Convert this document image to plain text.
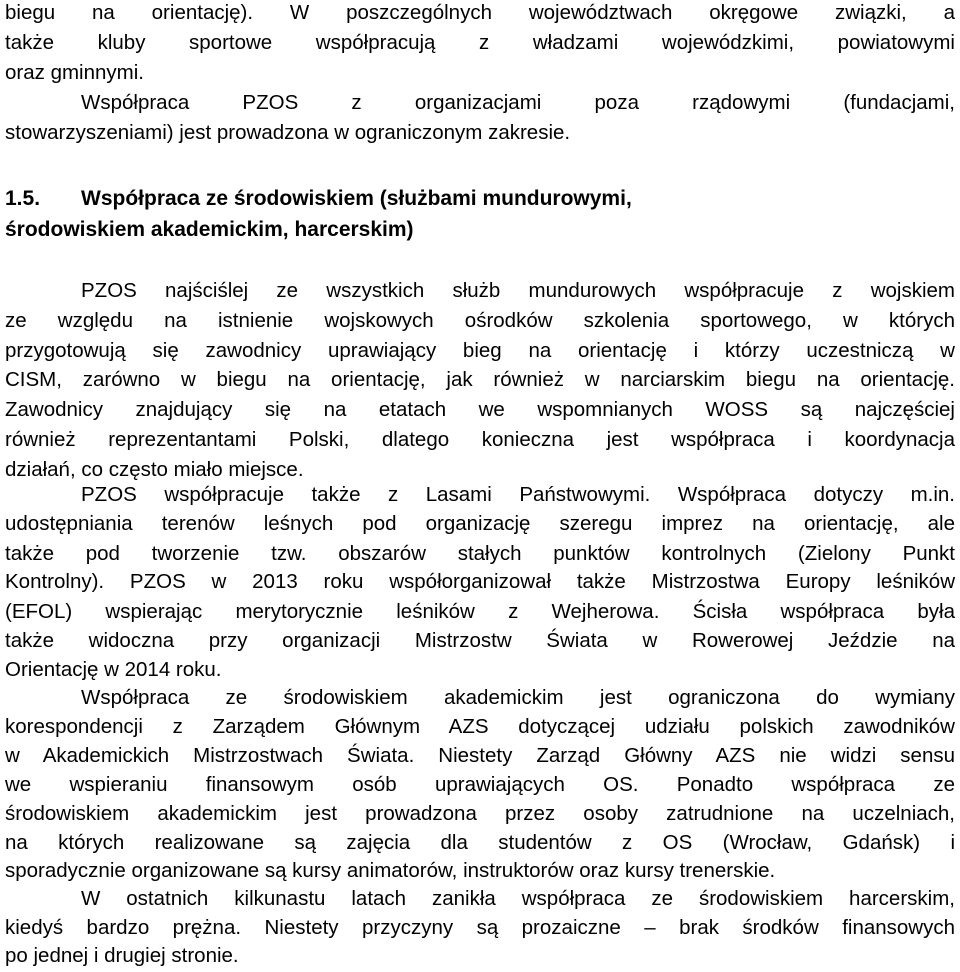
biegu na orientację). W poszczególnych województwach okręgowe związki, a
także kluby sportowe współpracują z władzami wojewódzkimi, powiatowymi
oraz gminnymi.
Współpraca PZOS z organizacjami poza rządowymi (fundacjami,
stowarzyszeniami) jest prowadzona w ograniczonym zakresie.
1.5. Współpraca ze środowiskiem (służbami mundurowymi,
środowiskiem akademickim, harcerskim)
PZOS najściślej ze wszystkich służb mundurowych współpracuje z wojskiem
ze względu na istnienie wojskowych ośrodków szkolenia sportowego, w których
przygotowują się zawodnicy uprawiający bieg na orientację i którzy uczestniczą w
CISM, zarówno w biegu na orientację, jak również w narciarskim biegu na orientację.
Zawodnicy znajdujący się na etatach we wspomnianych WOSS są najczęściej
również reprezentantami Polski, dlatego konieczna jest współpraca i koordynacja
działań, co często miało miejsce.
PZOS współpracuje także z Lasami Państwowymi. Współpraca dotyczy m.in.
udostępniania terenów leśnych pod organizację szeregu imprez na orientację, ale
także pod tworzenie tzw. obszarów stałych punktów kontrolnych (Zielony Punkt
Kontrolny). PZOS w 2013 roku współorganizował także Mistrzostwa Europy leśników
(EFOL) wspierając merytorycznie leśników z Wejherowa. Ścisła współpraca była
także widoczna przy organizacji Mistrzostw Świata w Rowerowej Jeździe na
Orientację w 2014 roku.
Współpraca ze środowiskiem akademickim jest ograniczona do wymiany
korespondencji z Zarządem Głównym AZS dotyczącej udziału polskich zawodników
w Akademickich Mistrzostwach Świata. Niestety Zarząd Główny AZS nie widzi sensu
we wspieraniu finansowym osób uprawiających OS. Ponadto współpraca ze
środowiskiem akademickim jest prowadzona przez osoby zatrudnione na uczelniach,
na których realizowane są zajęcia dla studentów z OS (Wrocław, Gdańsk) i
sporadycznie organizowane są kursy animatorów, instruktorów oraz kursy trenerskie.
W ostatnich kilkunastu latach zanikła współpraca ze środowiskiem harcerskim,
kiedyś bardzo prężna. Niestety przyczyny są prozaiczne – brak środków finansowych
po jednej i drugiej stronie.
